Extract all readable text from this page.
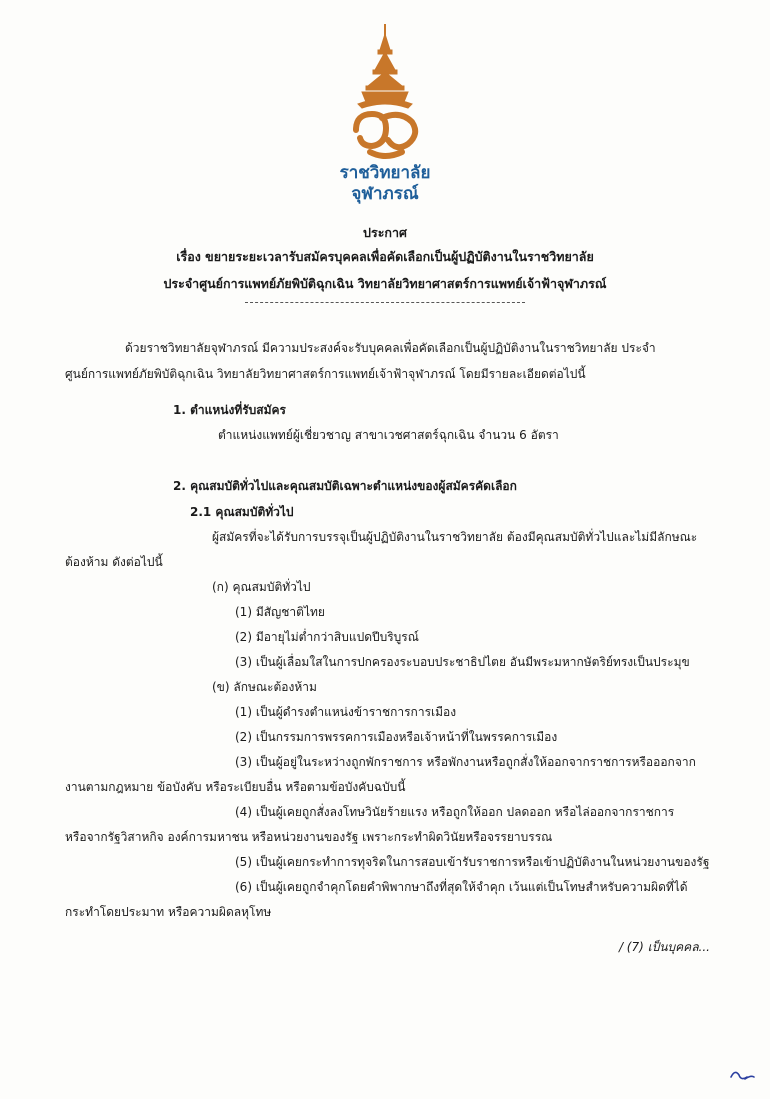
ราชวิทยาลัย
จุฬาภรณ์
ประกาศ
เรื่อง ขยายระยะเวลารับสมัครบุคคลเพื่อคัดเลือกเป็นผู้ปฏิบัติงานในราชวิทยาลัย
ประจำศูนย์การแพทย์ภัยพิบัติฉุกเฉิน วิทยาลัยวิทยาศาสตร์การแพทย์เจ้าฟ้าจุฬาภรณ์
ด้วยราชวิทยาลัยจุฬาภรณ์ มีความประสงค์จะรับบุคคลเพื่อคัดเลือกเป็นผู้ปฏิบัติงานในราชวิทยาลัย ประจำ
ศูนย์การแพทย์ภัยพิบัติฉุกเฉิน วิทยาลัยวิทยาศาสตร์การแพทย์เจ้าฟ้าจุฬาภรณ์ โดยมีรายละเอียดต่อไปนี้
1. ตำแหน่งที่รับสมัคร
ตำแหน่งแพทย์ผู้เชี่ยวชาญ สาขาเวชศาสตร์ฉุกเฉิน จำนวน 6 อัตรา
2. คุณสมบัติทั่วไปและคุณสมบัติเฉพาะตำแหน่งของผู้สมัครคัดเลือก
2.1 คุณสมบัติทั่วไป
ผู้สมัครที่จะได้รับการบรรจุเป็นผู้ปฏิบัติงานในราชวิทยาลัย ต้องมีคุณสมบัติทั่วไปและไม่มีลักษณะ
ต้องห้าม ดังต่อไปนี้
(ก) คุณสมบัติทั่วไป
(1) มีสัญชาติไทย
(2) มีอายุไม่ต่ำกว่าสิบแปดปีบริบูรณ์
(3) เป็นผู้เลื่อมใสในการปกครองระบอบประชาธิปไตย อันมีพระมหากษัตริย์ทรงเป็นประมุข
(ข) ลักษณะต้องห้าม
(1) เป็นผู้ดำรงตำแหน่งข้าราชการการเมือง
(2) เป็นกรรมการพรรคการเมืองหรือเจ้าหน้าที่ในพรรคการเมือง
(3) เป็นผู้อยู่ในระหว่างถูกพักราชการ หรือพักงานหรือถูกสั่งให้ออกจากราชการหรือออกจาก
งานตามกฎหมาย ข้อบังคับ หรือระเบียบอื่น หรือตามข้อบังคับฉบับนี้
(4) เป็นผู้เคยถูกสั่งลงโทษวินัยร้ายแรง หรือถูกให้ออก ปลดออก หรือไล่ออกจากราชการ
หรือจากรัฐวิสาหกิจ องค์การมหาชน หรือหน่วยงานของรัฐ เพราะกระทำผิดวินัยหรือจรรยาบรรณ
(5) เป็นผู้เคยกระทำการทุจริตในการสอบเข้ารับราชการหรือเข้าปฏิบัติงานในหน่วยงานของรัฐ
(6) เป็นผู้เคยถูกจำคุกโดยคำพิพากษาถึงที่สุดให้จำคุก เว้นแต่เป็นโทษสำหรับความผิดที่ได้
กระทำโดยประมาท หรือความผิดลหุโทษ
/ (7) เป็นบุคคล...
